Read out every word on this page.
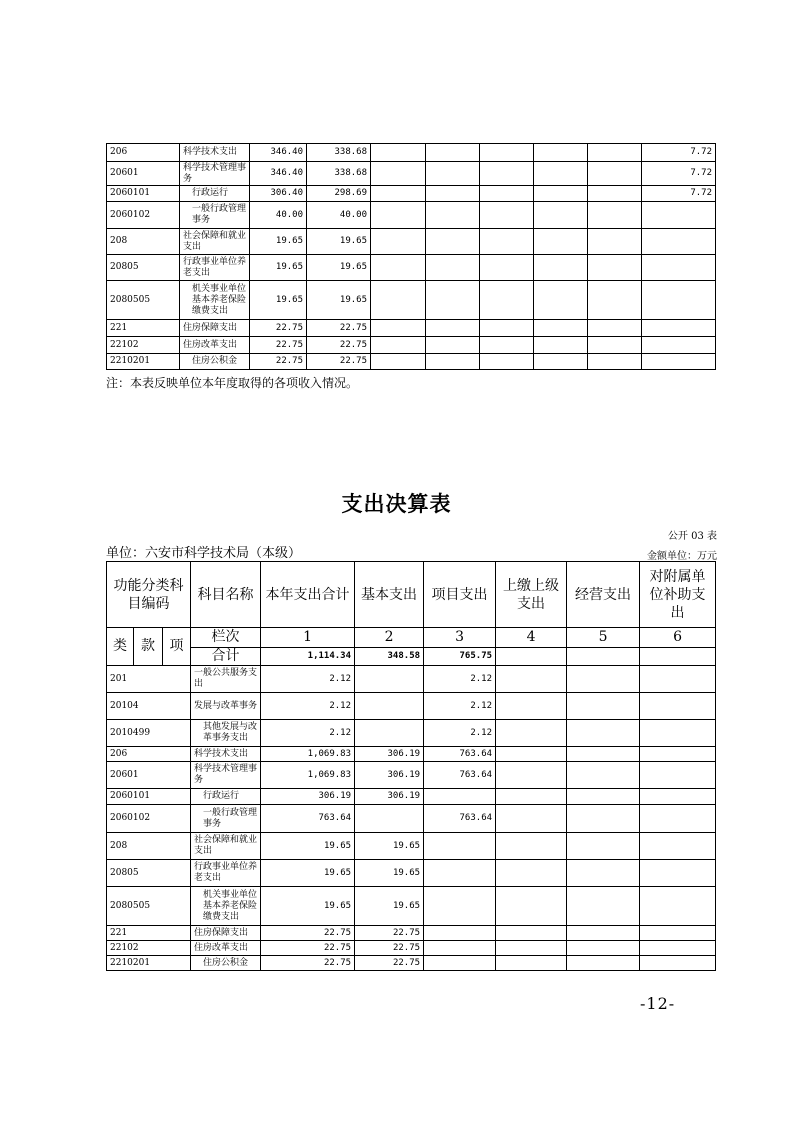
206	科学技术支出	346.40	338.68						7.72
20601	科学技术管理事务	346.40	338.68						7.72
2060101	行政运行	306.40	298.69						7.72
2060102	一般行政管理事务	40.00	40.00						
208	社会保障和就业支出	19.65	19.65						
20805	行政事业单位养老支出	19.65	19.65						
2080505	机关事业单位基本养老保险缴费支出	19.65	19.65						
221	住房保障支出	22.75	22.75						
22102	住房改革支出	22.75	22.75						
2210201	住房公积金	22.75	22.75						
注：本表反映单位本年度取得的各项收入情况。
支出决算表
公开 03 表
单位：六安市科学技术局（本级）	金额单位：万元
功能分类科目编码			科目名称	本年支出合计	基本支出	项目支出	上缴上级支出	经营支出	对附属单位补助支出
类	款	项	栏次	1	2	3	4	5	6
			合计	1,114.34	348.58	765.75			
201			一般公共服务支出	2.12		2.12			
20104			发展与改革事务	2.12		2.12			
2010499			其他发展与改革事务支出	2.12		2.12			
206			科学技术支出	1,069.83	306.19	763.64			
20601			科学技术管理事务	1,069.83	306.19	763.64			
2060101			行政运行	306.19	306.19				
2060102			一般行政管理事务	763.64		763.64			
208			社会保障和就业支出	19.65	19.65				
20805			行政事业单位养老支出	19.65	19.65				
2080505			机关事业单位基本养老保险缴费支出	19.65	19.65				
221			住房保障支出	22.75	22.75				
22102			住房改革支出	22.75	22.75				
2210201			住房公积金	22.75	22.75				
-12-
